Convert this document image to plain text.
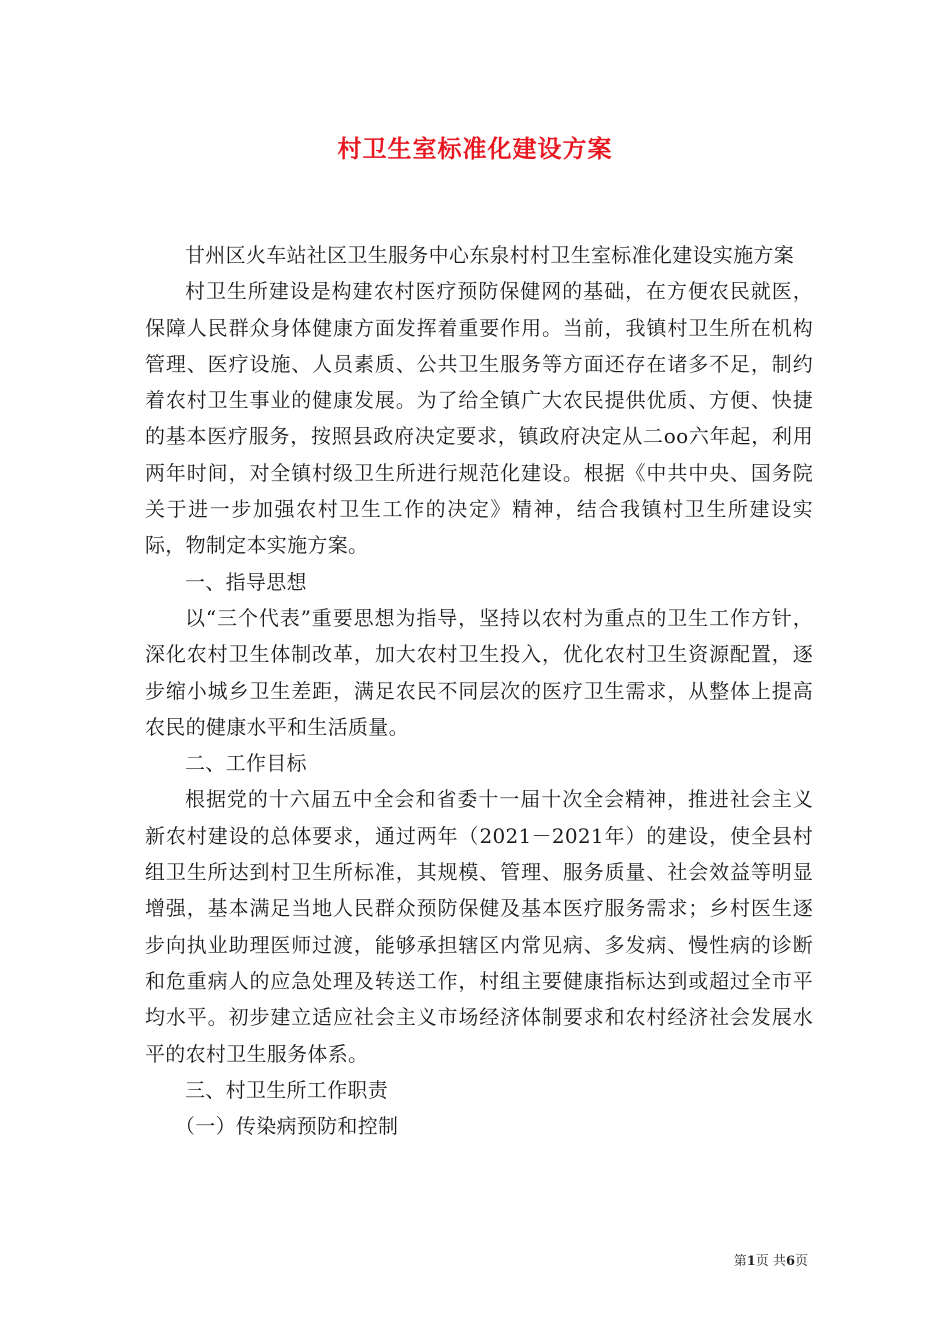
村卫生室标准化建设方案

甘州区火车站社区卫生服务中心东泉村村卫生室标准化建设实施方案

村卫生所建设是构建农村医疗预防保健网的基础，在方便农民就医，保障人民群众身体健康方面发挥着重要作用。当前，我镇村卫生所在机构管理、医疗设施、人员素质、公共卫生服务等方面还存在诸多不足，制约着农村卫生事业的健康发展。为了给全镇广大农民提供优质、方便、快捷的基本医疗服务，按照县政府决定要求，镇政府决定从二oo六年起，利用两年时间，对全镇村级卫生所进行规范化建设。根据《中共中央、国务院关于进一步加强农村卫生工作的决定》精神，结合我镇村卫生所建设实际，物制定本实施方案。

一、指导思想

以“三个代表”重要思想为指导，坚持以农村为重点的卫生工作方针，深化农村卫生体制改革，加大农村卫生投入，优化农村卫生资源配置，逐步缩小城乡卫生差距，满足农民不同层次的医疗卫生需求，从整体上提高农民的健康水平和生活质量。

二、工作目标

根据党的十六届五中全会和省委十一届十次全会精神，推进社会主义新农村建设的总体要求，通过两年（2021－2021年）的建设，使全县村组卫生所达到村卫生所标准，其规模、管理、服务质量、社会效益等明显增强，基本满足当地人民群众预防保健及基本医疗服务需求；乡村医生逐步向执业助理医师过渡，能够承担辖区内常见病、多发病、慢性病的诊断和危重病人的应急处理及转送工作，村组主要健康指标达到或超过全市平均水平。初步建立适应社会主义市场经济体制要求和农村经济社会发展水平的农村卫生服务体系。

三、村卫生所工作职责

（一）传染病预防和控制

第1页 共6页
